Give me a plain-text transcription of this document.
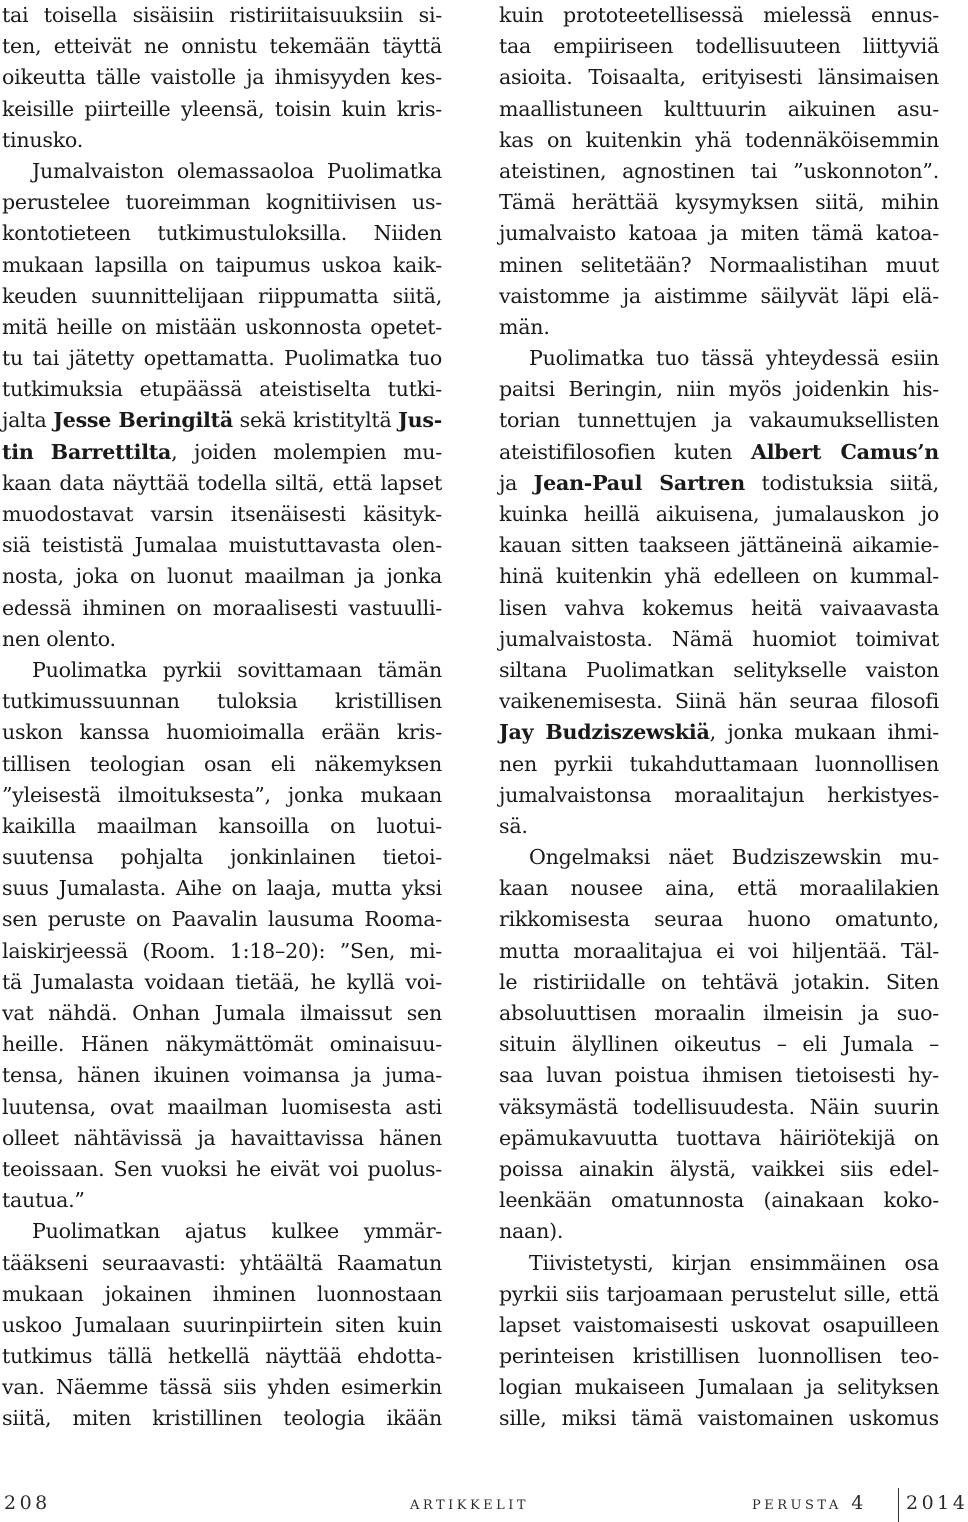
tai toisella sisäisiin ristiriitaisuuksiin si-
ten, etteivät ne onnistu tekemään täyttä
oikeutta tälle vaistolle ja ihmisyyden kes-
keisille piirteille yleensä, toisin kuin kris-
tinusko.
Jumalvaiston olemassaoloa Puolimatka
perustelee tuoreimman kognitiivisen us-
kontotieteen tutkimustuloksilla. Niiden
mukaan lapsilla on taipumus uskoa kaik-
keuden suunnittelijaan riippumatta siitä,
mitä heille on mistään uskonnosta opetet-
tu tai jätetty opettamatta. Puolimatka tuo
tutkimuksia etupäässä ateistiselta tutki-
jalta Jesse Beringiltä sekä kristityltä Jus-
tin Barrettilta, joiden molempien mu-
kaan data näyttää todella siltä, että lapset
muodostavat varsin itsenäisesti käsityk-
siä teististä Jumalaa muistuttavasta olen-
nosta, joka on luonut maailman ja jonka
edessä ihminen on moraalisesti vastuulli-
nen olento.
Puolimatka pyrkii sovittamaan tämän
tutkimussuunnan tuloksia kristillisen
uskon kanssa huomioimalla erään kris-
tillisen teologian osan eli näkemyksen
”yleisestä ilmoituksesta”, jonka mukaan
kaikilla maailman kansoilla on luotui-
suutensa pohjalta jonkinlainen tietoi-
suus Jumalasta. Aihe on laaja, mutta yksi
sen peruste on Paavalin lausuma Rooma-
laiskirjeessä (Room. 1:18–20): ”Sen, mi-
tä Jumalasta voidaan tietää, he kyllä voi-
vat nähdä. Onhan Jumala ilmaissut sen
heille. Hänen näkymättömät ominaisuu-
tensa, hänen ikuinen voimansa ja juma-
luutensa, ovat maailman luomisesta asti
olleet nähtävissä ja havaittavissa hänen
teoissaan. Sen vuoksi he eivät voi puolus-
tautua.”
Puolimatkan ajatus kulkee ymmär-
tääkseni seuraavasti: yhtäältä Raamatun
mukaan jokainen ihminen luonnostaan
uskoo Jumalaan suurinpiirtein siten kuin
tutkimus tällä hetkellä näyttää ehdotta-
van. Näemme tässä siis yhden esimerkin
siitä, miten kristillinen teologia ikään
kuin prototeetellisessä mielessä ennus-
taa empiiriseen todellisuuteen liittyviä
asioita. Toisaalta, erityisesti länsimaisen
maallistuneen kulttuurin aikuinen asu-
kas on kuitenkin yhä todennäköisemmin
ateistinen, agnostinen tai ”uskonnoton”.
Tämä herättää kysymyksen siitä, mihin
jumalvaisto katoaa ja miten tämä katoa-
minen selitetään? Normaalistihan muut
vaistomme ja aistimme säilyvät läpi elä-
män.
Puolimatka tuo tässä yhteydessä esiin
paitsi Beringin, niin myös joidenkin his-
torian tunnettujen ja vakaumuksellisten
ateistifilosofien kuten Albert Camus’n
ja Jean-Paul Sartren todistuksia siitä,
kuinka heillä aikuisena, jumalauskon jo
kauan sitten taakseen jättäneinä aikamie-
hinä kuitenkin yhä edelleen on kummal-
lisen vahva kokemus heitä vaivaavasta
jumalvaistosta. Nämä huomiot toimivat
siltana Puolimatkan selitykselle vaiston
vaikenemisesta. Siinä hän seuraa filosofi
Jay Budziszewskiä, jonka mukaan ihmi-
nen pyrkii tukahduttamaan luonnollisen
jumalvaistonsa moraalitajun herkistyes-
sä.
Ongelmaksi näet Budziszewskin mu-
kaan nousee aina, että moraalilakien
rikkomisesta seuraa huono omatunto,
mutta moraalitajua ei voi hiljentää. Täl-
le ristiriidalle on tehtävä jotakin. Siten
absoluuttisen moraalin ilmeisin ja suo-
situin älyllinen oikeutus – eli Jumala –
saa luvan poistua ihmisen tietoisesti hy-
väksymästä todellisuudesta. Näin suurin
epämukavuutta tuottava häiriötekijä on
poissa ainakin älystä, vaikkei siis edel-
leenkään omatunnosta (ainakaan koko-
naan).
Tiivistetysti, kirjan ensimmäinen osa
pyrkii siis tarjoamaan perustelut sille, että
lapset vaistomaisesti uskovat osapuilleen
perinteisen kristillisen luonnollisen teo-
logian mukaiseen Jumalaan ja selityksen
sille, miksi tämä vaistomainen uskomus
208	artikkelit	perusta 4 2014
